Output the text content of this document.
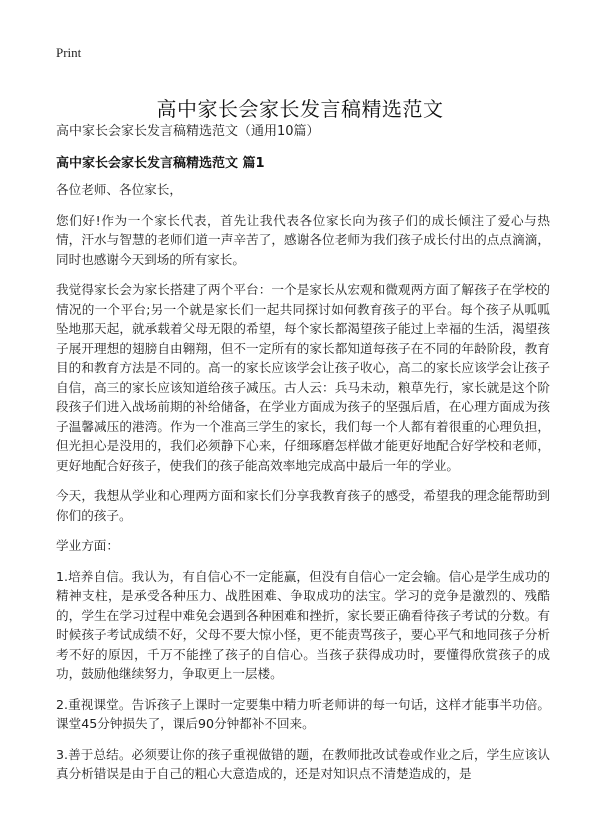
Print
高中家长会家长发言稿精选范文
高中家长会家长发言稿精选范文（通用10篇）
高中家长会家长发言稿精选范文 篇1

各位老师、各位家长，

您们好!作为一个家长代表，首先让我代表各位家长向为孩子们的成长倾注了爱心与热情，汗水与智慧的老师们道一声辛苦了，感谢各位老师为我们孩子成长付出的点点滴滴，同时也感谢今天到场的所有家长。

我觉得家长会为家长搭建了两个平台：一个是家长从宏观和微观两方面了解孩子在学校的情况的一个平台;另一个就是家长们一起共同探讨如何教育孩子的平台。每个孩子从呱呱坠地那天起，就承载着父母无限的希望，每个家长都渴望孩子能过上幸福的生活，渴望孩子展开理想的翅膀自由翱翔，但不一定所有的家长都知道每孩子在不同的年龄阶段，教育目的和教育方法是不同的。高一的家长应该学会让孩子收心，高二的家长应该学会让孩子自信，高三的家长应该知道给孩子减压。古人云：兵马未动，粮草先行，家长就是这个阶段孩子们进入战场前期的补给储备，在学业方面成为孩子的坚强后盾，在心理方面成为孩子温馨减压的港湾。作为一个准高三学生的家长，我们每一个人都有着很重的心理负担，但光担心是没用的，我们必须静下心来，仔细琢磨怎样做才能更好地配合好学校和老师，更好地配合好孩子，使我们的孩子能高效率地完成高中最后一年的学业。

今天，我想从学业和心理两方面和家长们分享我教育孩子的感受，希望我的理念能帮助到你们的孩子。

学业方面：

1.培养自信。我认为，有自信心不一定能赢，但没有自信心一定会输。信心是学生成功的精神支柱，是承受各种压力、战胜困难、争取成功的法宝。学习的竞争是激烈的、残酷的，学生在学习过程中难免会遇到各种困难和挫折，家长要正确看待孩子考试的分数。有时候孩子考试成绩不好，父母不要大惊小怪，更不能责骂孩子，要心平气和地同孩子分析考不好的原因，千万不能挫了孩子的自信心。当孩子获得成功时，要懂得欣赏孩子的成功，鼓励他继续努力，争取更上一层楼。

2.重视课堂。告诉孩子上课时一定要集中精力听老师讲的每一句话，这样才能事半功倍。课堂45分钟损失了，课后90分钟都补不回来。

3.善于总结。必须要让你的孩子重视做错的题，在教师批改试卷或作业之后，学生应该认真分析错误是由于自己的粗心大意造成的，还是对知识点不清楚造成的，是
